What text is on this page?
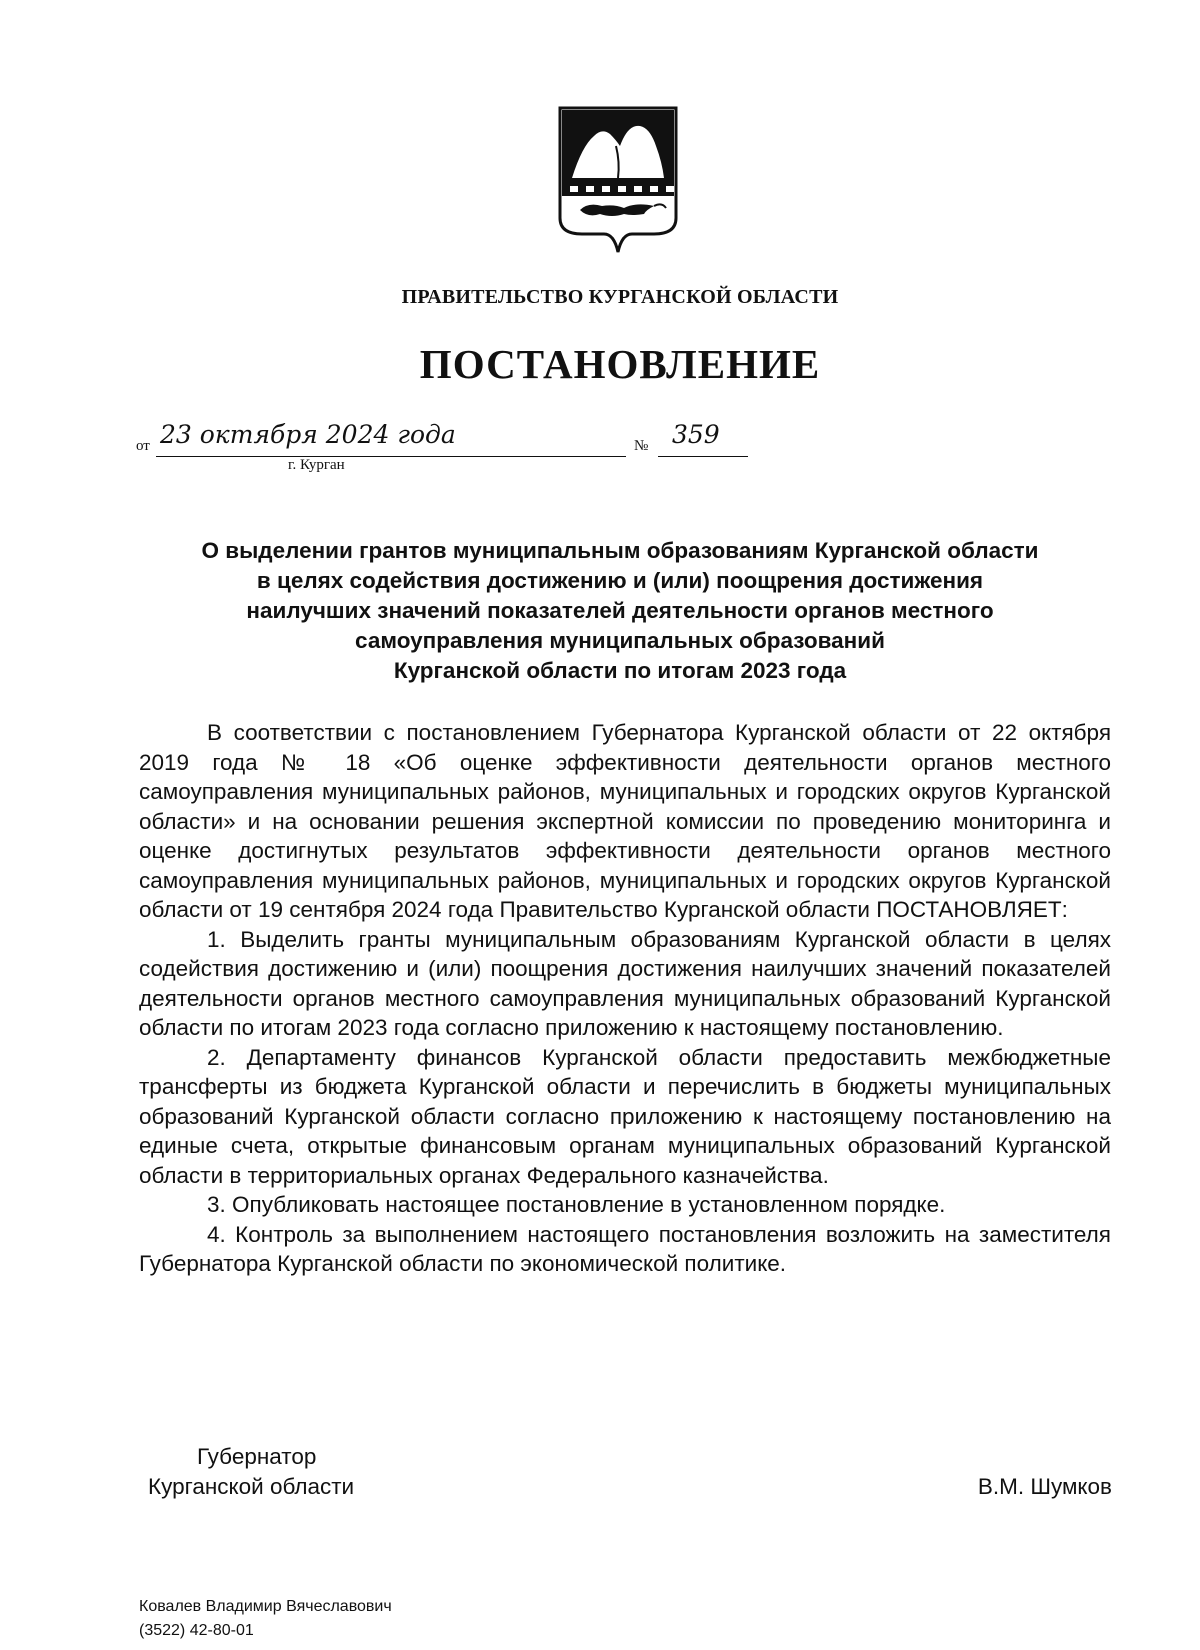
ПРАВИТЕЛЬСТВО КУРГАНСКОЙ ОБЛАСТИ
ПОСТАНОВЛЕНИЕ
от 23 октября 2024 года	№ 359
г. Курган
О выделении грантов муниципальным образованиям Курганской области
в целях содействия достижению и (или) поощрения достижения
наилучших значений показателей деятельности органов местного
самоуправления муниципальных образований
Курганской области по итогам 2023 года

В соответствии с постановлением Губернатора Курганской области от 22 октября 2019 года № 18 «Об оценке эффективности деятельности органов местного самоуправления муниципальных районов, муниципальных и городских округов Курганской области» и на основании решения экспертной комиссии по проведению мониторинга и оценке достигнутых результатов эффективности деятельности органов местного самоуправления муниципальных районов, муниципальных и городских округов Курганской области от 19 сентября 2024 года Правительство Курганской области ПОСТАНОВЛЯЕТ:

1. Выделить гранты муниципальным образованиям Курганской области в целях содействия достижению и (или) поощрения достижения наилучших значений показателей деятельности органов местного самоуправления муниципальных образований Курганской области по итогам 2023 года согласно приложению к настоящему постановлению.

2. Департаменту финансов Курганской области предоставить межбюджетные трансферты из бюджета Курганской области и перечислить в бюджеты муниципальных образований Курганской области согласно приложению к настоящему постановлению на единые счета, открытые финансовым органам муниципальных образований Курганской области в территориальных органах Федерального казначейства.

3. Опубликовать настоящее постановление в установленном порядке.

4. Контроль за выполнением настоящего постановления возложить на заместителя Губернатора Курганской области по экономической политике.

Губернатор
Курганской области	В.М. Шумков
Ковалев Владимир Вячеславович
(3522) 42-80-01
